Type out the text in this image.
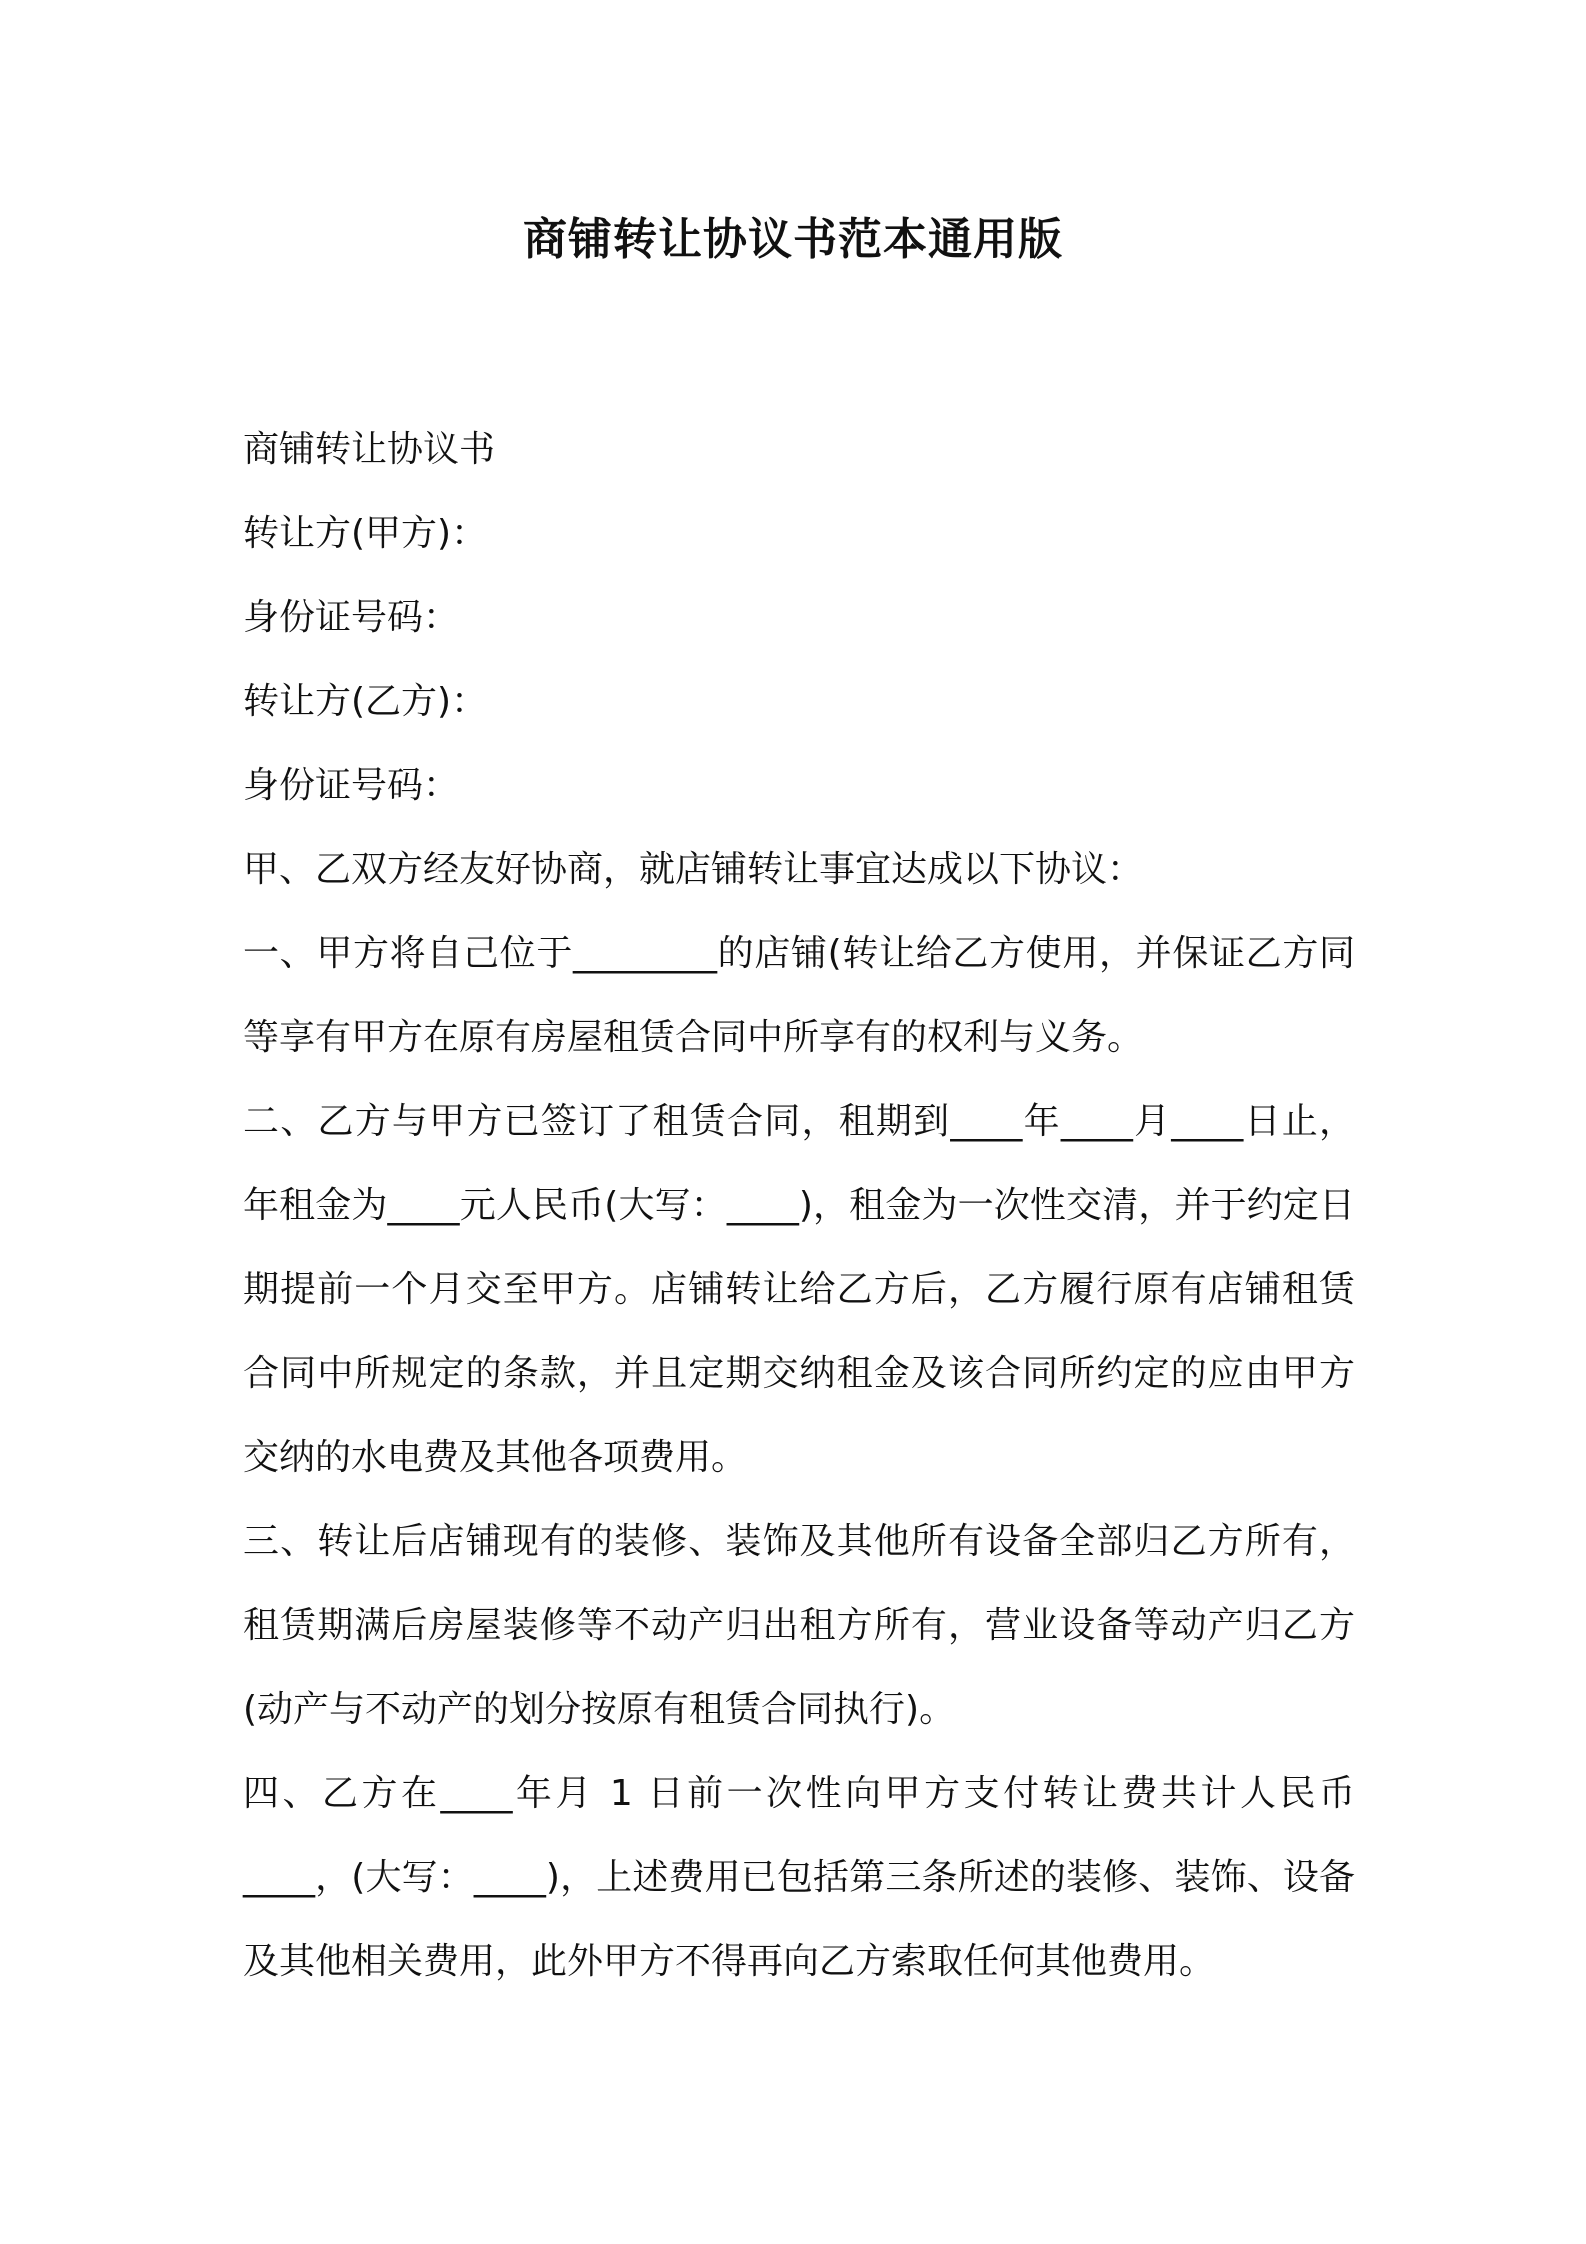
商铺转让协议书范本通用版
商铺转让协议书
转让方(甲方)：
身份证号码：
转让方(乙方)：
身份证号码：
甲、乙双方经友好协商，就店铺转让事宜达成以下协议：
一、甲方将自己位于________的店铺(转让给乙方使用，并保证乙方同等享有甲方在原有房屋租赁合同中所享有的权利与义务。
二、乙方与甲方已签订了租赁合同，租期到____年____月____日止，年租金为____元人民币(大写：____)，租金为一次性交清，并于约定日期提前一个月交至甲方。店铺转让给乙方后，乙方履行原有店铺租赁合同中所规定的条款，并且定期交纳租金及该合同所约定的应由甲方交纳的水电费及其他各项费用。
三、转让后店铺现有的装修、装饰及其他所有设备全部归乙方所有，租赁期满后房屋装修等不动产归出租方所有，营业设备等动产归乙方(动产与不动产的划分按原有租赁合同执行)。
四、乙方在____年月 1 日前一次性向甲方支付转让费共计人民币____，(大写：____)，上述费用已包括第三条所述的装修、装饰、设备及其他相关费用，此外甲方不得再向乙方索取任何其他费用。
